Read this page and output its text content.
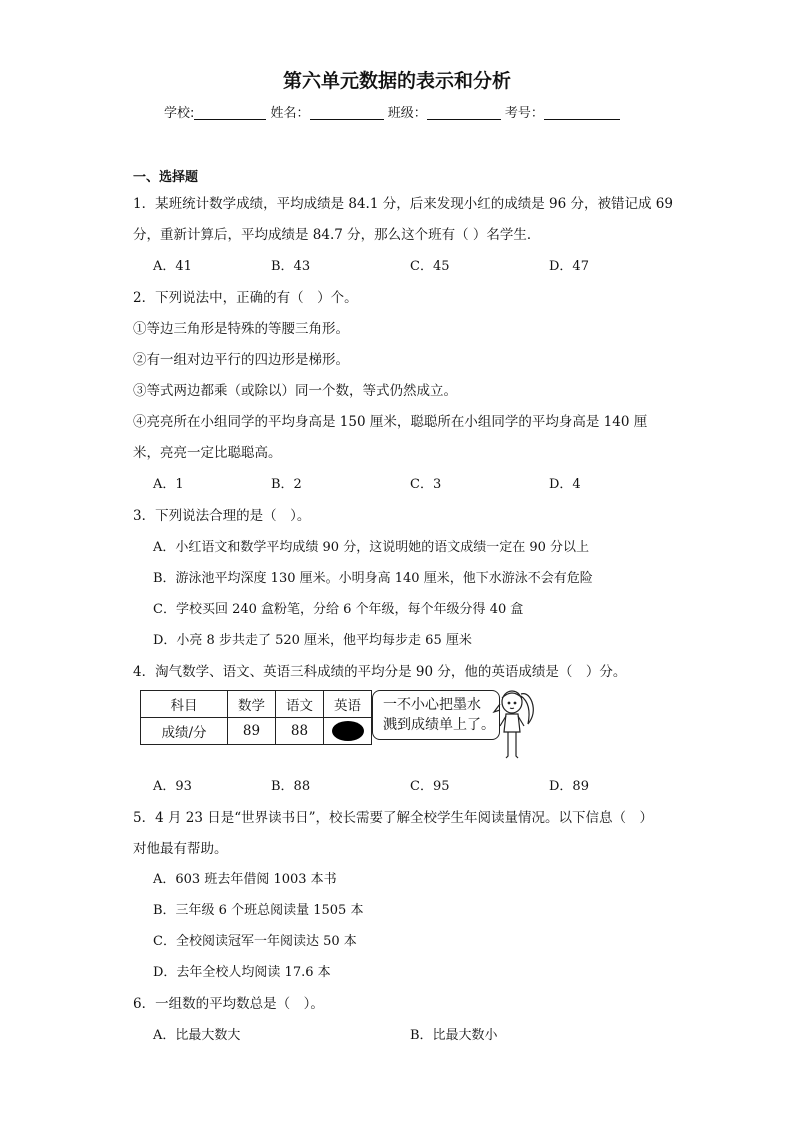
第六单元数据的表示和分析
学校:	姓名：	班级：	考号：
一、选择题
1．某班统计数学成绩，平均成绩是 84.1 分，后来发现小红的成绩是 96 分，被错记成 69
分，重新计算后，平均成绩是 84.7 分，那么这个班有（ ）名学生．
A．41	B．43	C．45	D．47
2．下列说法中，正确的有（　）个。
①等边三角形是特殊的等腰三角形。
②有一组对边平行的四边形是梯形。
③等式两边都乘（或除以）同一个数，等式仍然成立。
④亮亮所在小组同学的平均身高是 150 厘米，聪聪所在小组同学的平均身高是 140 厘
米，亮亮一定比聪聪高。
A．1	B．2	C．3	D．4
3．下列说法合理的是（　）。
A．小红语文和数学平均成绩 90 分，这说明她的语文成绩一定在 90 分以上
B．游泳池平均深度 130 厘米。小明身高 140 厘米，他下水游泳不会有危险
C．学校买回 240 盒粉笔，分给 6 个年级，每个年级分得 40 盒
D．小亮 8 步共走了 520 厘米，他平均每步走 65 厘米
4．淘气数学、语文、英语三科成绩的平均分是 90 分，他的英语成绩是（　）分。
科目	数学	语文	英语
成绩/分	89	88	
一不小心把墨水
溅到成绩单上了。
A．93	B．88	C．95	D．89
5．4 月 23 日是“世界读书日”，校长需要了解全校学生年阅读量情况。以下信息（　）
对他最有帮助。
A．603 班去年借阅 1003 本书
B．三年级 6 个班总阅读量 1505 本
C．全校阅读冠军一年阅读达 50 本
D．去年全校人均阅读 17.6 本
6．一组数的平均数总是（　）。
A．比最大数大	B．比最大数小
